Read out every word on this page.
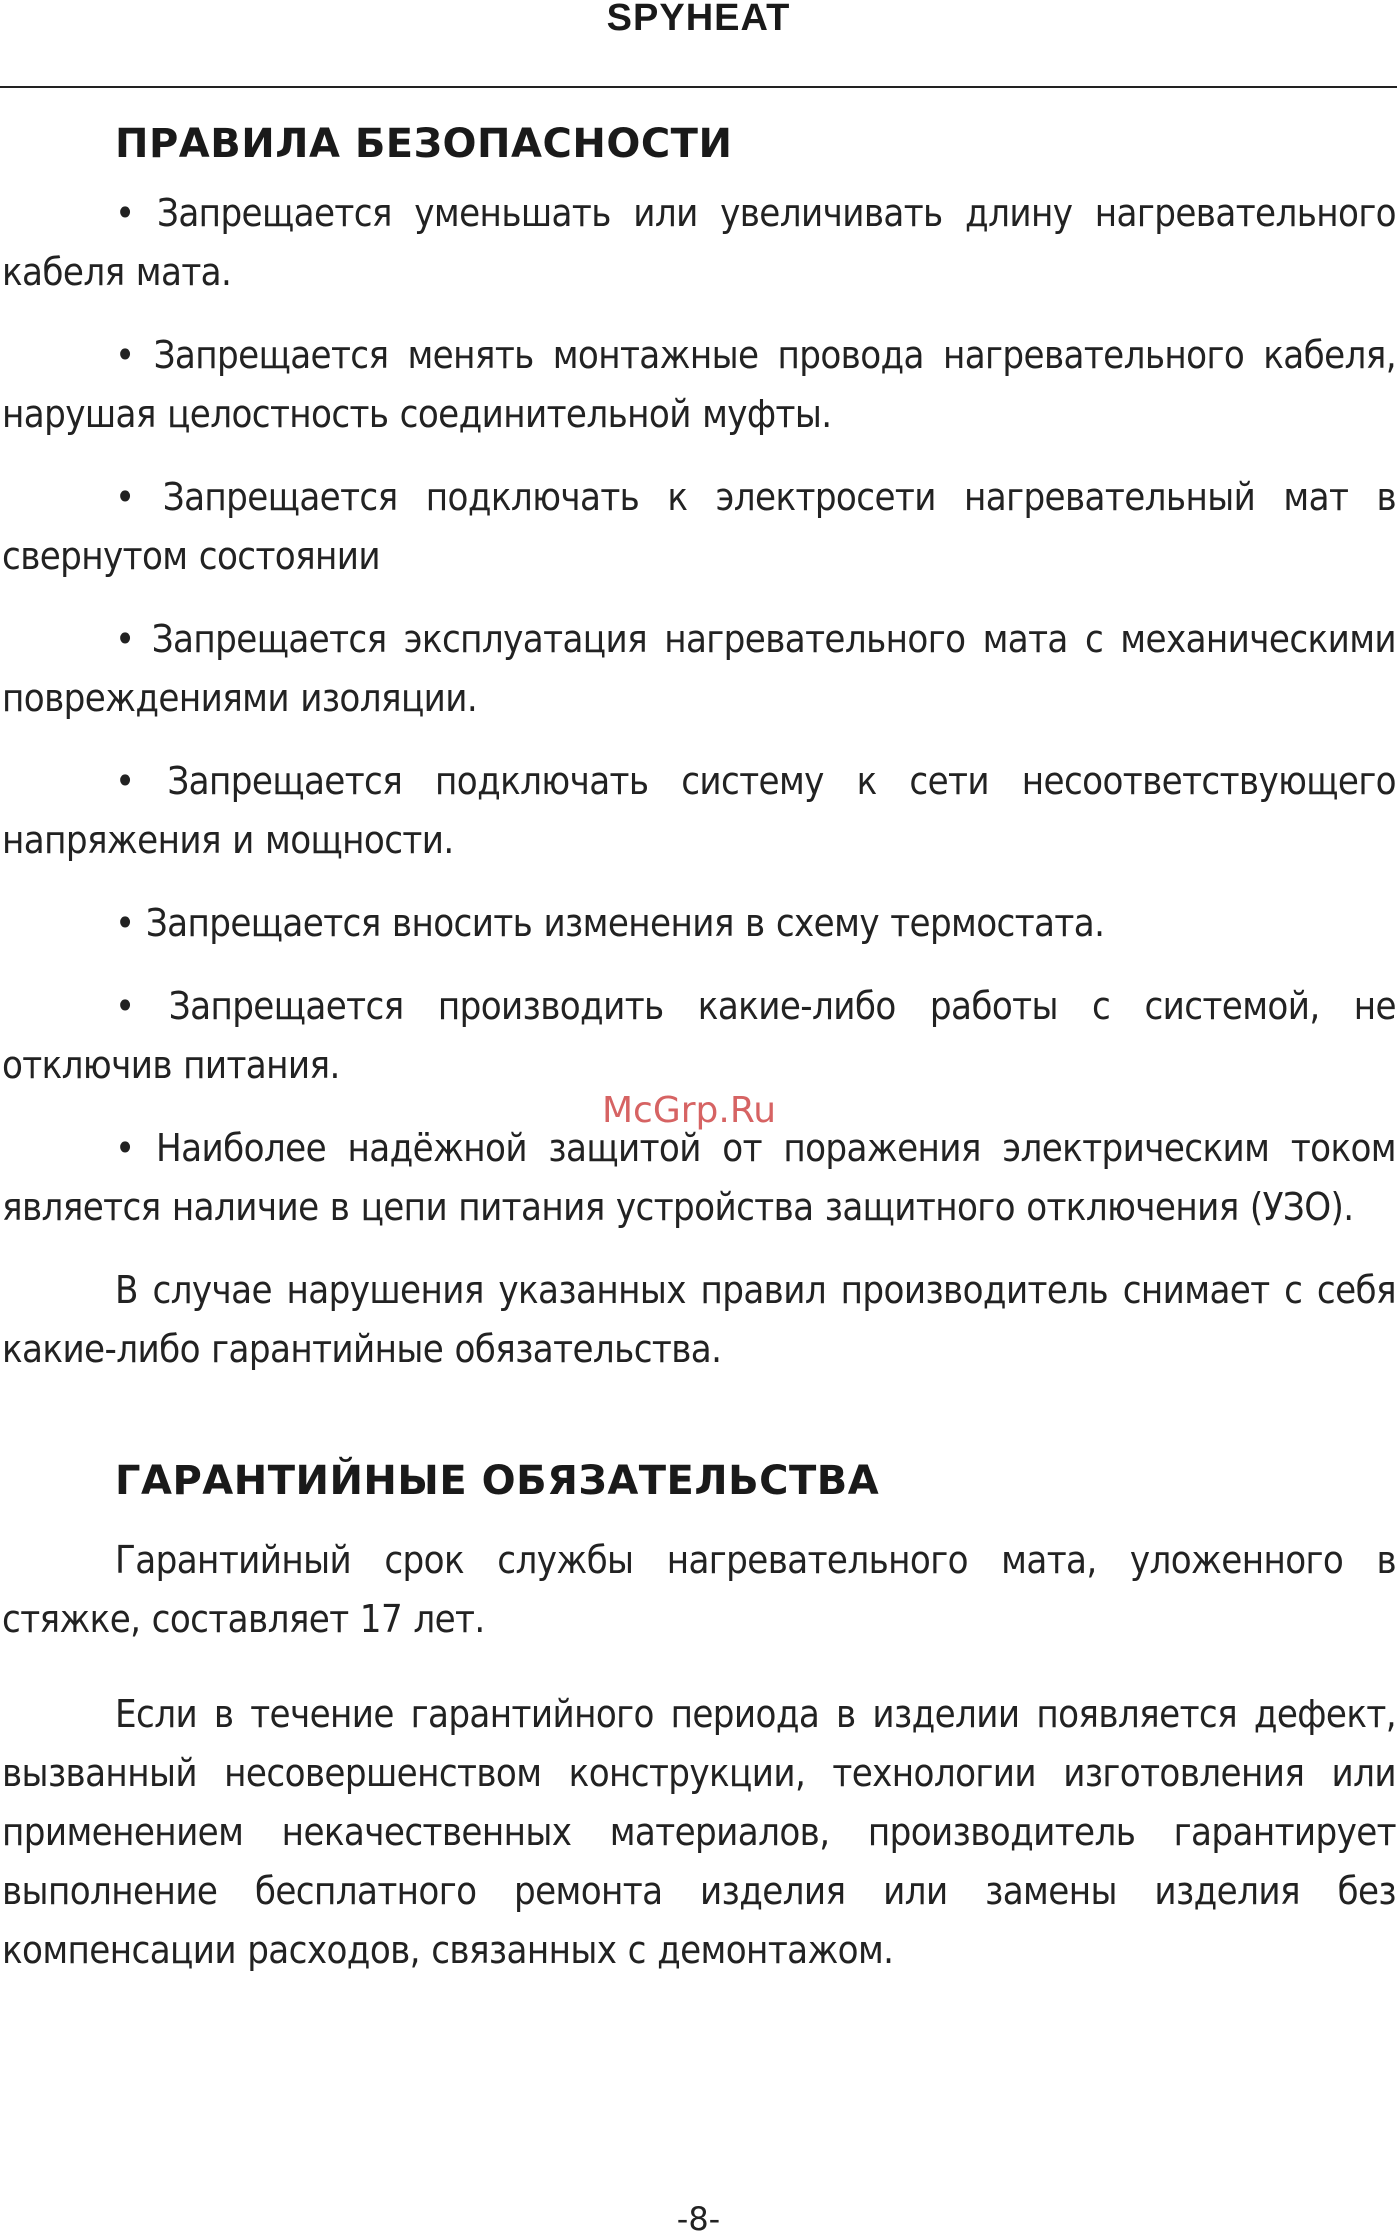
SPYHEAT
ПРАВИЛА БЕЗОПАСНОСТИ

• Запрещается уменьшать или увеличивать длину нагревательного кабеля мата.

• Запрещается менять монтажные провода нагревательного кабеля, нарушая целостность соединительной муфты.

• Запрещается подключать к электросети нагревательный мат в свернутом состоянии

• Запрещается эксплуатация нагревательного мата с механическими повреждениями изоляции.

• Запрещается подключать систему к сети несоответствующего напряжения и мощности.

• Запрещается вносить изменения в схему термостата.

• Запрещается производить какие-либо работы с системой, не отключив питания.

• Наиболее надёжной защитой от поражения электрическим током является наличие в цепи питания устройства защитного отключения (УЗО).

В случае нарушения указанных правил производитель снимает с себя какие-либо гарантийные обязательства.

ГАРАНТИЙНЫЕ ОБЯЗАТЕЛЬСТВА

Гарантийный срок службы нагревательного мата, уложенного в стяжке, составляет 17 лет.

Если в течение гарантийного периода в изделии появляется дефект, вызванный несовершенством конструкции, технологии изготовления или применением некачественных материалов, производитель гарантирует выполнение бесплатного ремонта изделия или замены изделия без компенсации расходов, связанных с демонтажом.

McGrp.Ru
-8-
